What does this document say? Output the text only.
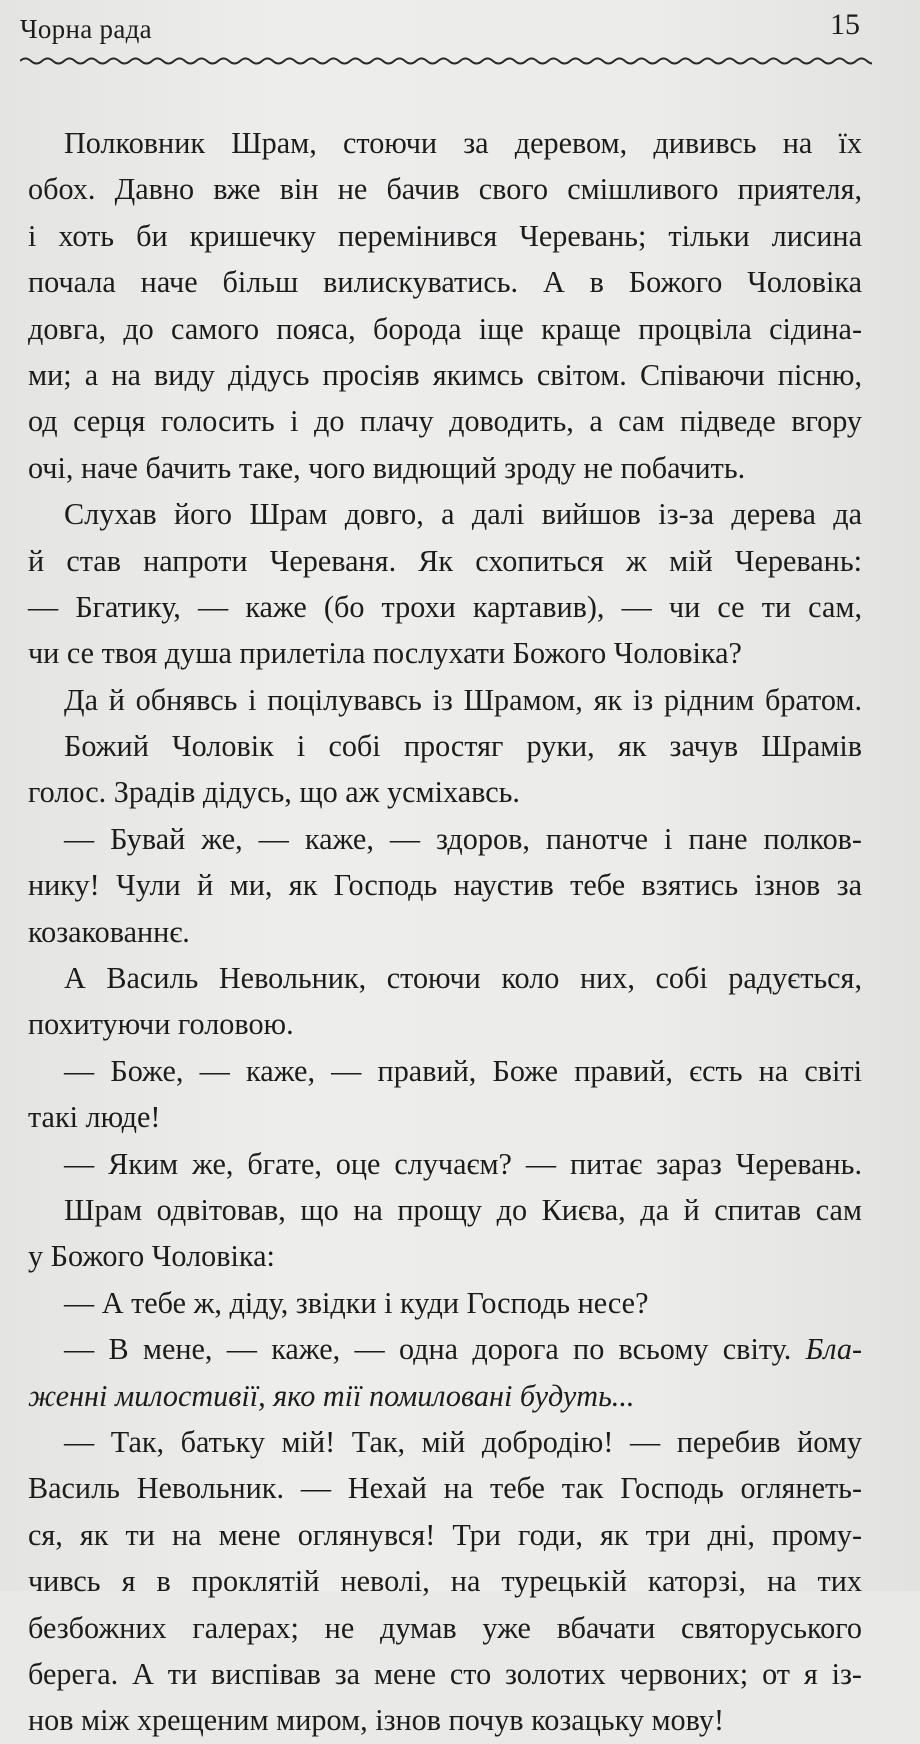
Чорна рада	15
Полковник Шрам, стоючи за деревом, дививсь на їх
обох. Давно вже він не бачив свого смішливого приятеля,
і хоть би кришечку перемінився Черевань; тільки лисина
почала наче більш вилискуватись. А в Божого Чоловіка
довга, до самого пояса, борода іще краще процвіла сідина-
ми; а на виду дідусь просіяв якимсь світом. Співаючи пісню,
од серця голосить і до плачу доводить, а сам підведе вгору
очі, наче бачить таке, чого видющий зроду не побачить.
Слухав його Шрам довго, а далі вийшов із-за дерева да
й став напроти Череваня. Як схопиться ж мій Черевань:
— Бгатику, — каже (бо трохи картавив), — чи се ти сам,
чи се твоя душа прилетіла послухати Божого Чоловіка?
Да й обнявсь і поцілувавсь із Шрамом, як із рідним братом.
Божий Чоловік і собі простяг руки, як зачув Шрамів
голос. Зрадів дідусь, що аж усміхавсь.
— Бувай же, — каже, — здоров, панотче і пане полков-
нику! Чули й ми, як Господь наустив тебе взятись ізнов за
козакованнє.
А Василь Невольник, стоючи коло них, собі радується,
похитуючи головою.
— Боже, — каже, — правий, Боже правий, єсть на світі
такі люде!
— Яким же, бгате, оце случаєм? — питає зараз Черевань.
Шрам одвітовав, що на прощу до Києва, да й спитав сам
у Божого Чоловіка:
— А тебе ж, діду, звідки і куди Господь несе?
— В мене, — каже, — одна дорога по всьому світу. Бла-
женні милостивії, яко тії помиловані будуть...
— Так, батьку мій! Так, мій добродію! — перебив йому
Василь Невольник. — Нехай на тебе так Господь оглянеть-
ся, як ти на мене оглянувся! Три годи, як три дні, прому-
чивсь я в проклятій неволі, на турецькій каторзі, на тих
безбожних галерах; не думав уже вбачати святоруського
берега. А ти виспівав за мене сто золотих червоних; от я із-
нов між хрещеним миром, ізнов почув козацьку мову!
